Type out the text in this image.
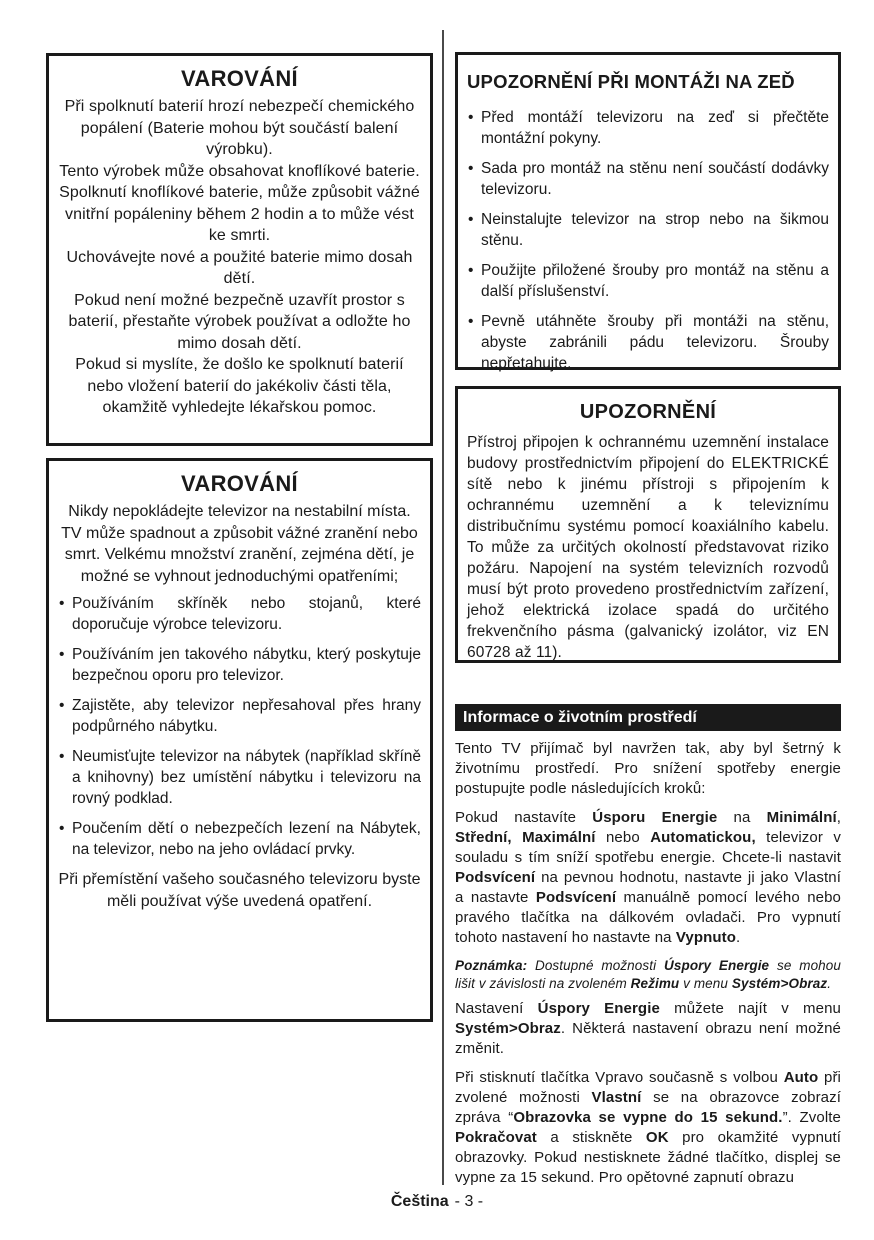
VAROVÁNÍ

Při spolknutí baterií hrozí nebezpečí chemického popálení (Baterie mohou být součástí balení výrobku).

Tento výrobek může obsahovat knoflíkové baterie. Spolknutí knoflíkové baterie, může způsobit vážné vnitřní popáleniny během 2 hodin a to může vést ke smrti.

Uchovávejte nové a použité baterie mimo dosah dětí.

Pokud není možné bezpečně uzavřít prostor s baterií, přestaňte výrobek používat a odložte ho mimo dosah dětí.

Pokud si myslíte, že došlo ke spolknutí baterií nebo vložení baterií do jakékoliv části těla, okamžitě vyhledejte lékařskou pomoc.

VAROVÁNÍ

Nikdy nepokládejte televizor na nestabilní místa. TV může spadnout a způsobit vážné zranění nebo smrt. Velkému množství zranění, zejména dětí, je možné se vyhnout jednoduchými opatřeními;

• Používáním skříněk nebo stojanů, které doporučuje výrobce televizoru.
• Používáním jen takového nábytku, který poskytuje bezpečnou oporu pro televizor.
• Zajistěte, aby televizor nepřesahoval přes hrany podpůrného nábytku.
• Neumisťujte televizor na nábytek (například skříně a knihovny) bez umístění nábytku i televizoru na rovný podklad.
• Poučením dětí o nebezpečích lezení na Nábytek, na televizor, nebo na jeho ovládací prvky.

Při přemístění vašeho současného televizoru byste měli používat výše uvedená opatření.

UPOZORNĚNÍ PŘI MONTÁŽI NA ZEĎ
• Před montáží televizoru na zeď si přečtěte montážní pokyny.
• Sada pro montáž na stěnu není součástí dodávky televizoru.
• Neinstalujte televizor na strop nebo na šikmou stěnu.
• Použijte přiložené šrouby pro montáž na stěnu a další příslušenství.
• Pevně utáhněte šrouby při montáži na stěnu, abyste zabránili pádu televizoru. Šrouby nepřetahujte.
UPOZORNĚNÍ

Přístroj připojen k ochrannému uzemnění instalace budovy prostřednictvím připojení do ELEKTRICKÉ sítě nebo k jinému přístroji s připojením k ochrannému uzemnění a k televiznímu distribučnímu systému pomocí koaxiálního kabelu. To může za určitých okolností představovat riziko požáru. Napojení na systém televizních rozvodů musí být proto provedeno prostřednictvím zařízení, jehož elektrická izolace spadá do určitého frekvenčního pásma (galvanický izolátor, viz EN 60728 až 11).

Informace o životním prostředí

Tento TV přijímač byl navržen tak, aby byl šetrný k životnímu prostředí. Pro snížení spotřeby energie postupujte podle následujících kroků:

Pokud nastavíte Úsporu Energie na Minimální, Střední, Maximální nebo Automatickou, televizor v souladu s tím sníží spotřebu energie. Chcete-li nastavit Podsvícení na pevnou hodnotu, nastavte ji jako Vlastní a nastavte Podsvícení manuálně pomocí levého nebo pravého tlačítka na dálkovém ovladači. Pro vypnutí tohoto nastavení ho nastavte na Vypnuto.

Poznámka: Dostupné možnosti Úspory Energie se mohou lišit v závislosti na zvoleném Režimu v menu Systém>Obraz.

Nastavení Úspory Energie můžete najít v menu Systém>Obraz. Některá nastavení obrazu není možné změnit.

Při stisknutí tlačítka Vpravo současně s volbou Auto při zvolené možnosti Vlastní se na obrazovce zobrazí zpráva “Obrazovka se vypne do 15 sekund.”. Zvolte Pokračovat a stiskněte OK pro okamžité vypnutí obrazovky. Pokud nestisknete žádné tlačítko, displej se vypne za 15 sekund. Pro opětovné zapnutí obrazu

Čeština - 3 -
